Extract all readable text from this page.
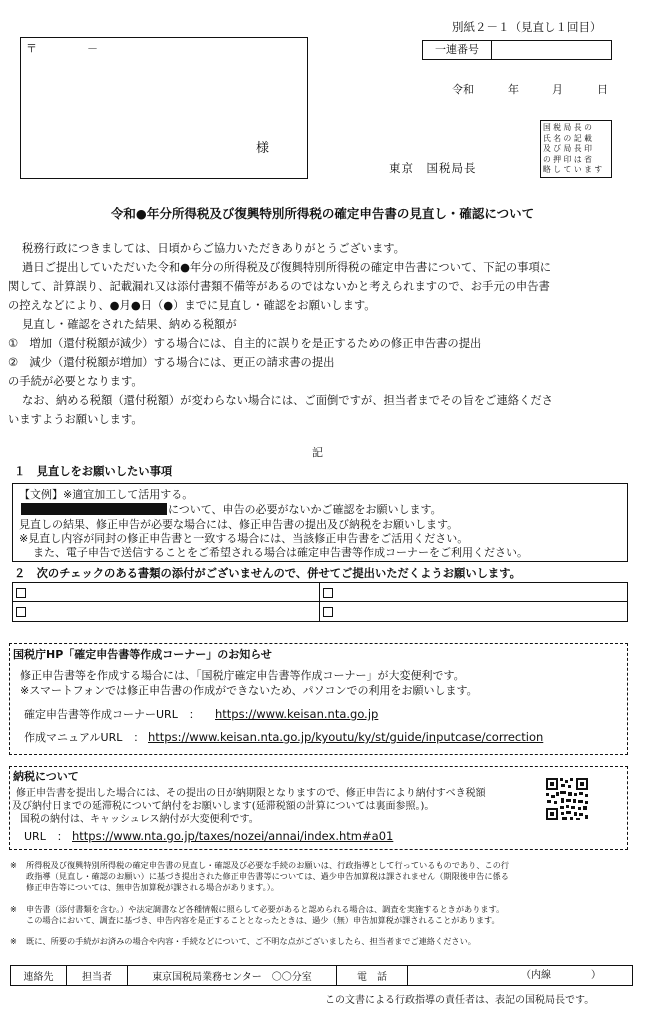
別紙２－１（見直し１回目）
一連番号
令和	年	月	日
〒	－
様
東京　国税局長
国 税 局 長 の
氏 名 の 記 載
及 び 局 長 印
の 押 印 は 省
略 し て い ま す
令和●年分所得税及び復興特別所得税の確定申告書の見直し・確認について
税務行政につきましては、日頃からご協力いただきありがとうございます。
過日ご提出していただいた令和●年分の所得税及び復興特別所得税の確定申告書について、下記の事項に
関して、計算誤り、記載漏れ又は添付書類不備等があるのではないかと考えられますので、お手元の申告書
の控えなどにより、●月●日（●）までに見直し・確認をお願いします。
見直し・確認をされた結果、納める税額が
①　増加（還付税額が減少）する場合には、自主的に誤りを是正するための修正申告書の提出
②　減少（還付税額が増加）する場合には、更正の請求書の提出
の手続が必要となります。
なお、納める税額（還付税額）が変わらない場合には、ご面倒ですが、担当者までその旨をご連絡くださ
いますようお願いします。
記
１　見直しをお願いしたい事項
【文例】※適宜加工して活用する。
について、申告の必要がないかご確認をお願いします。
見直しの結果、修正申告が必要な場合には、修正申告書の提出及び納税をお願いします。
※見直し内容が同封の修正申告書と一致する場合には、当該修正申告書をご活用ください。
また、電子申告で送信することをご希望される場合は確定申告書等作成コーナーをご利用ください。
２　次のチェックのある書類の添付がございませんので、併せてご提出いただくようお願いします。
国税庁HP「確定申告書等作成コーナー」のお知らせ
修正申告書等を作成する場合には、「国税庁確定申告書等作成コーナー」が大変便利です。
※スマートフォンでは修正申告書の作成ができないため、パソコンでの利用をお願いします。
確定申告書等作成コーナーURL　： https://www.keisan.nta.go.jp
作成マニュアルURL　： https://www.keisan.nta.go.jp/kyoutu/ky/st/guide/inputcase/correction
納税について
修正申告書を提出した場合には、その提出の日が納期限となりますので、修正申告により納付すべき税額
及び納付日までの延滞税について納付をお願いします(延滞税額の計算については裏面参照。)。
国税の納付は、キャッシュレス納付が大変便利です。
URL　： https://www.nta.go.jp/taxes/nozei/annai/index.htm#a01
※ 所得税及び復興特別所得税の確定申告書の見直し・確認及び必要な手続のお願いは、行政指導として行っているものであり、この行
政指導（見直し・確認のお願い）に基づき提出された修正申告書等については、過少申告加算税は課されません（期限後申告に係る
修正申告等については、無申告加算税が課される場合があります。）。
※ 申告書（添付書類を含む。）や法定調書など各種情報に照らして必要があると認められる場合は、調査を実施するときがあります。
この場合において、調査に基づき、申告内容を是正することとなったときは、過少（無）申告加算税が課されることがあります。
※ 既に、所要の手続がお済みの場合や内容・手続などについて、ご不明な点がございましたら、担当者までご連絡ください。
連絡先	担当者	東京国税局業務センター　〇〇分室	電　話	（内線　　　　）
この文書による行政指導の責任者は、表記の国税局長です。
